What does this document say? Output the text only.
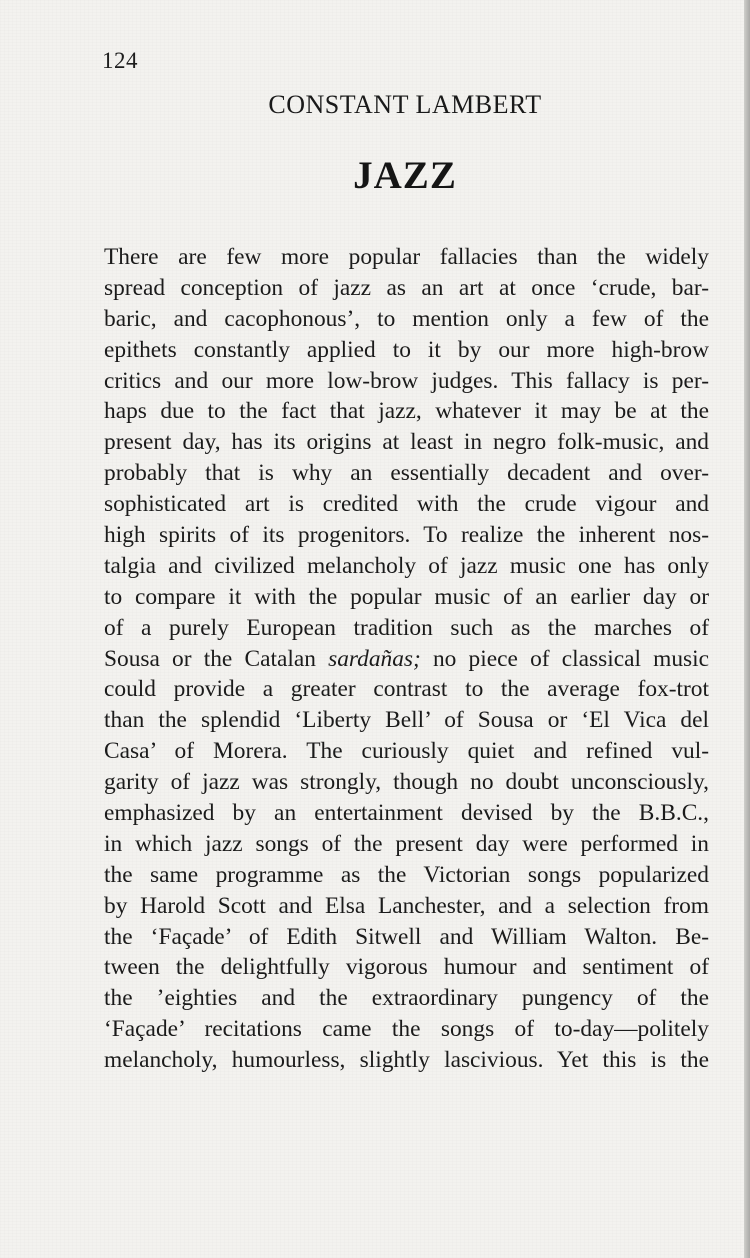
124
CONSTANT LAMBERT
JAZZ
There are few more popular fallacies than the widely
spread conception of jazz as an art at once ‘crude, bar-
baric, and cacophonous’, to mention only a few of the
epithets constantly applied to it by our more high-brow
critics and our more low-brow judges. This fallacy is per-
haps due to the fact that jazz, whatever it may be at the
present day, has its origins at least in negro folk-music, and
probably that is why an essentially decadent and over-
sophisticated art is credited with the crude vigour and
high spirits of its progenitors. To realize the inherent nos-
talgia and civilized melancholy of jazz music one has only
to compare it with the popular music of an earlier day or
of a purely European tradition such as the marches of
Sousa or the Catalan sardañas; no piece of classical music
could provide a greater contrast to the average fox-trot
than the splendid ‘Liberty Bell’ of Sousa or ‘El Vica del
Casa’ of Morera. The curiously quiet and refined vul-
garity of jazz was strongly, though no doubt unconsciously,
emphasized by an entertainment devised by the B.B.C.,
in which jazz songs of the present day were performed in
the same programme as the Victorian songs popularized
by Harold Scott and Elsa Lanchester, and a selection from
the ‘Façade’ of Edith Sitwell and William Walton. Be-
tween the delightfully vigorous humour and sentiment of
the ’eighties and the extraordinary pungency of the
‘Façade’ recitations came the songs of to-day—politely
melancholy, humourless, slightly lascivious. Yet this is the
